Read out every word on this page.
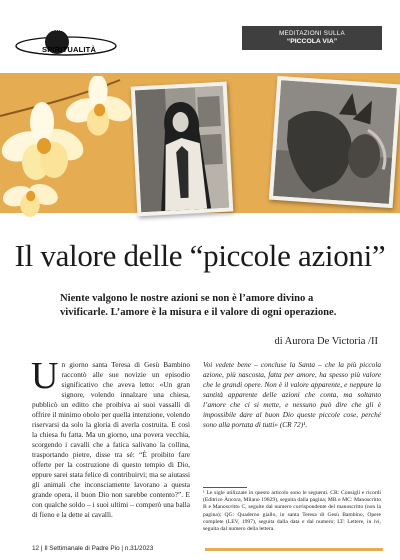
PIANETA
SPIRITUALITÀ
MEDITAZIONI SULLA
“PICCOLA VIA”
Il valore delle “piccole azioni”
Niente valgono le nostre azioni se non è l’amore divino a vivificarle. L’amore è la misura e il valore di ogni operazione.
di Aurora De Victoria /II
U n giorno santa Teresa di Gesù Bambino raccontò alle sue novizie un episodio significativo che aveva letto: «Un gran signore, volendo innalzare una chiesa, pubblicò un editto che proibiva ai suoi vassalli di offrire il minimo obolo per quella intenzione, volendo riservarsi da solo la gloria di averla costruita. E così la chiesa fu fatta. Ma un giorno, una povera vecchia, scorgendo i cavalli che a fatica salivano la collina, trasportando pietre, disse tra sé: “È proibito fare offerte per la costruzione di questo tempio di Dio, eppure sarei stata felice di contribuirvi; ma se aiutassi gli animali che inconsciamente lavorano a questa grande opera, il buon Dio non sarebbe contento?”. E con qualche soldo – i suoi ultimi – comperò una balla di fieno e la dette ai cavalli.

Voi vedete bene – concluse la Santa – che la più piccola azione, più nascosta, fatta per amore, ha spesso più valore che le grandi opere. Non è il valore apparente, e neppure la santità apparente delle azioni che conta, ma soltanto l’amore che ci si mette, e nessuno può dire che gli è impossibile dare al buon Dio queste piccole cose, perché sono alla portata di tutti» (CR 72)¹.

¹ Le sigle utilizzate in questo articolo sono le seguenti. CR: Consigli e ricordi (Editrice Àncora, Milano 19829), seguita dalla pagina; MB e MC: Manoscritto B e Manoscritto C, seguite dal numero corrispondente del manoscritto (non la pagina); QG: Quaderno giallo, in santa Teresa di Gesù Bambino, Opere complete (LEV, 1997), seguita dalla data e dal numero; LT: Lettere, in ivi, seguita dal numero della lettera.
12 | Il Settimanale di Padre Pio | n.31/2023
